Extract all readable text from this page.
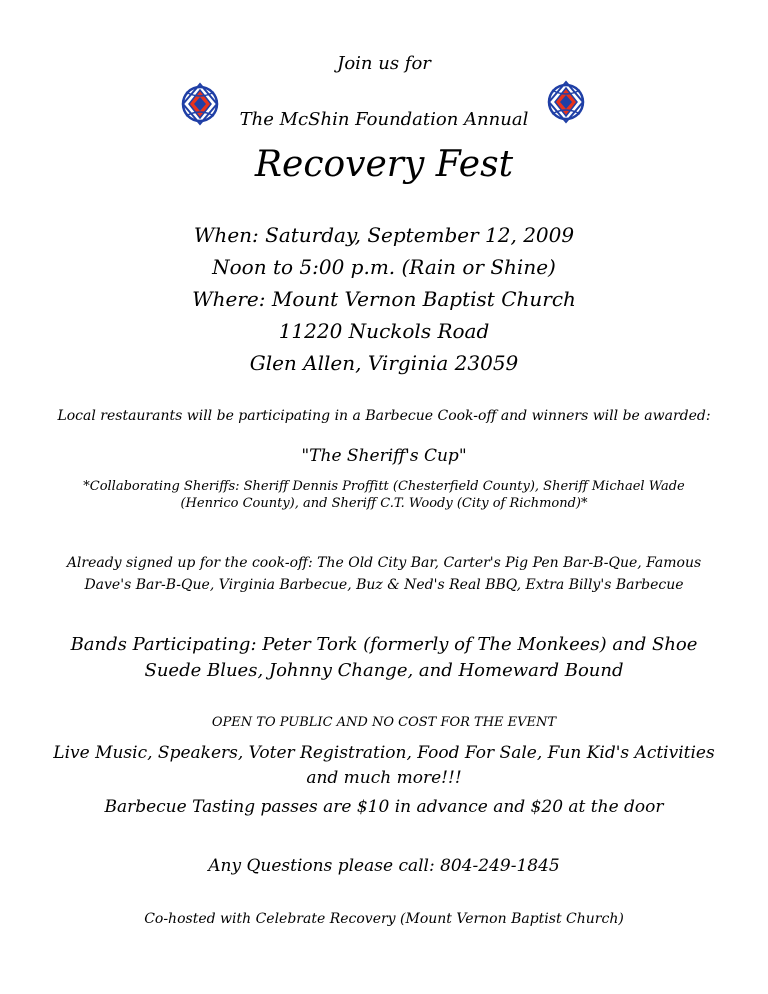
Join us for
The McShin Foundation Annual
Recovery Fest
When: Saturday, September 12, 2009
Noon to 5:00 p.m. (Rain or Shine)
Where: Mount Vernon Baptist Church
11220 Nuckols Road
Glen Allen, Virginia 23059
Local restaurants will be participating in a Barbecue Cook-off and winners will be awarded:
"The Sheriff's Cup"
*Collaborating Sheriffs: Sheriff Dennis Proffitt (Chesterfield County), Sheriff Michael Wade (Henrico County), and Sheriff C.T. Woody (City of Richmond)*
Already signed up for the cook-off: The Old City Bar, Carter's Pig Pen Bar-B-Que, Famous Dave's Bar-B-Que, Virginia Barbecue, Buz & Ned's Real BBQ, Extra Billy's Barbecue
Bands Participating: Peter Tork (formerly of The Monkees) and Shoe Suede Blues, Johnny Change, and Homeward Bound
OPEN TO PUBLIC AND NO COST FOR THE EVENT
Live Music, Speakers, Voter Registration, Food For Sale, Fun Kid's Activities and much more!!!
Barbecue Tasting passes are $10 in advance and $20 at the door
Any Questions please call: 804-249-1845
Co-hosted with Celebrate Recovery (Mount Vernon Baptist Church)
